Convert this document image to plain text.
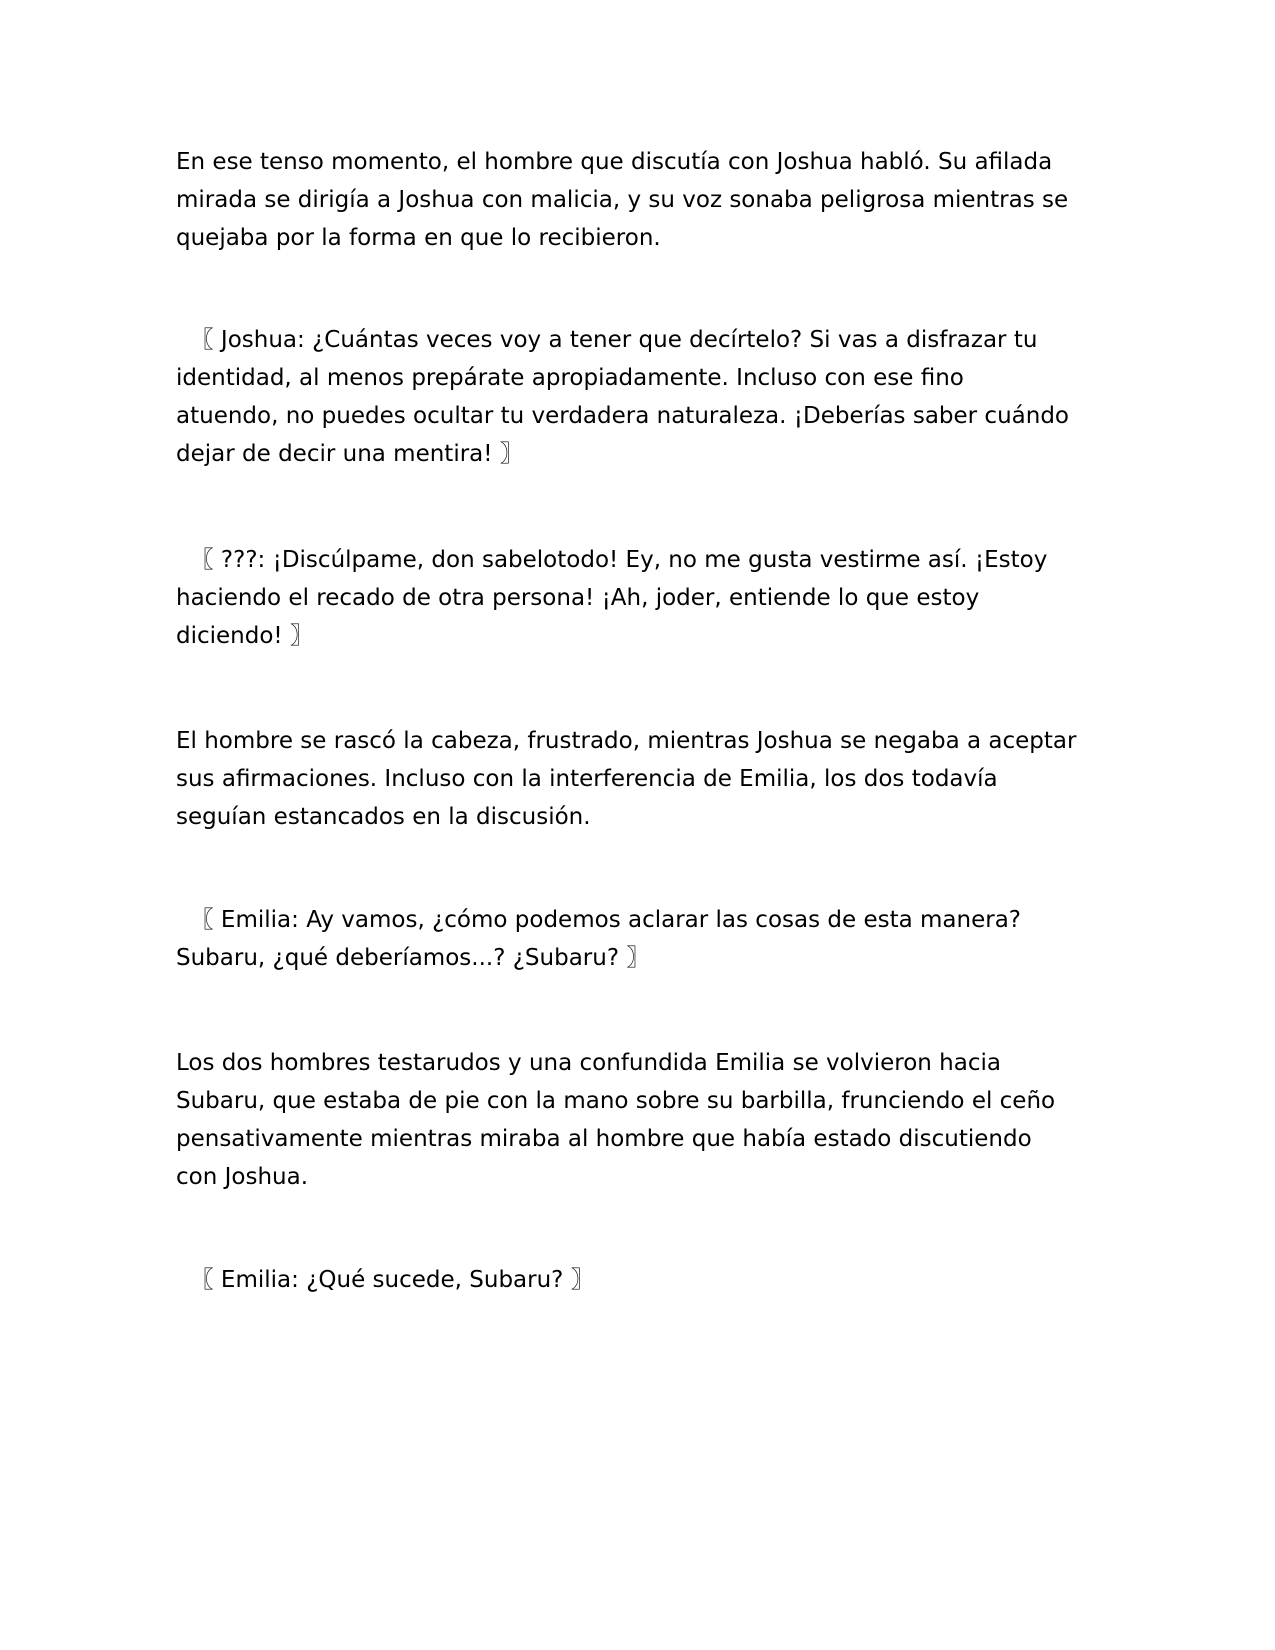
En ese tenso momento, el hombre que discutía con Joshua habló. Su afilada
mirada se dirigía a Joshua con malicia, y su voz sonaba peligrosa mientras se
quejaba por la forma en que lo recibieron.

〖 Joshua: ¿Cuántas veces voy a tener que decírtelo? Si vas a disfrazar tu
identidad, al menos prepárate apropiadamente. Incluso con ese fino
atuendo, no puedes ocultar tu verdadera naturaleza. ¡Deberías saber cuándo
dejar de decir una mentira! 〗

〖 ???: ¡Discúlpame, don sabelotodo! Ey, no me gusta vestirme así. ¡Estoy
haciendo el recado de otra persona! ¡Ah, joder, entiende lo que estoy
diciendo! 〗

El hombre se rascó la cabeza, frustrado, mientras Joshua se negaba a aceptar
sus afirmaciones. Incluso con la interferencia de Emilia, los dos todavía
seguían estancados en la discusión.

〖 Emilia: Ay vamos, ¿cómo podemos aclarar las cosas de esta manera?
Subaru, ¿qué deberíamos...? ¿Subaru? 〗

Los dos hombres testarudos y una confundida Emilia se volvieron hacia
Subaru, que estaba de pie con la mano sobre su barbilla, frunciendo el ceño
pensativamente mientras miraba al hombre que había estado discutiendo
con Joshua.

〖 Emilia: ¿Qué sucede, Subaru? 〗
